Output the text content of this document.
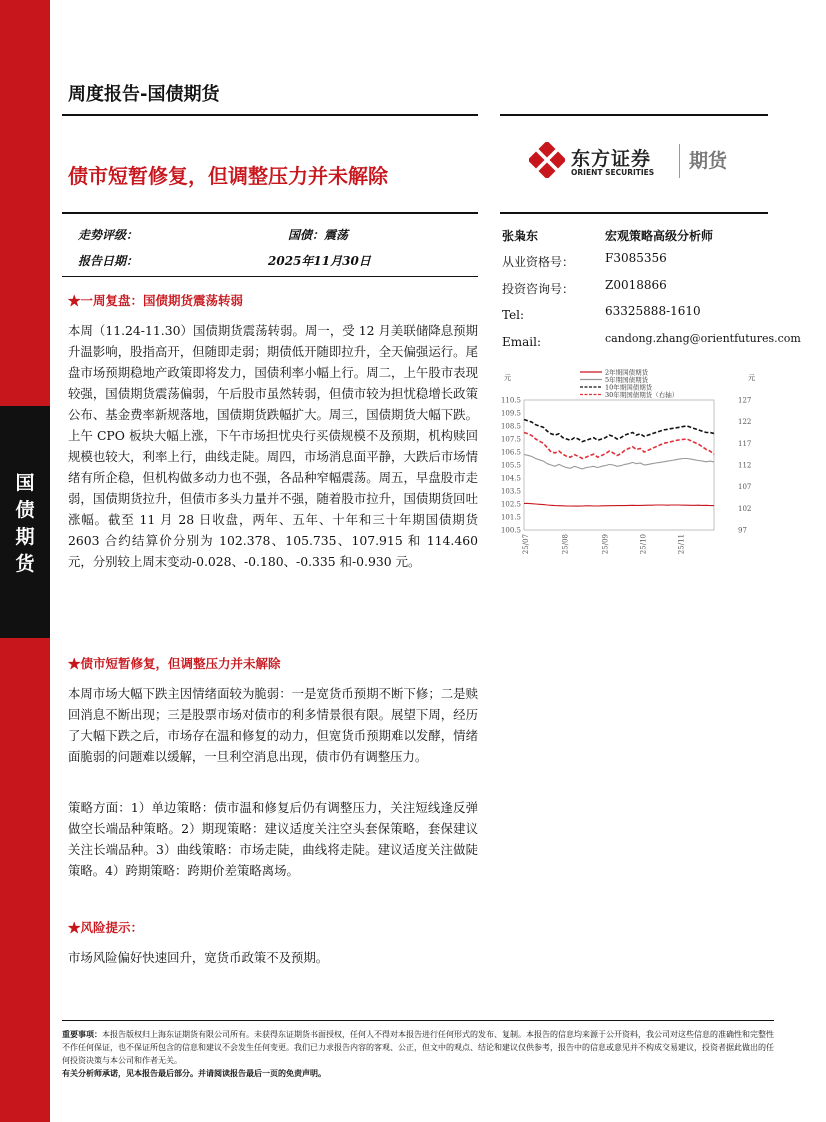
国
债
期
货
周度报告-国债期货
债市短暂修复，但调整压力并未解除
东方证券
ORIENT SECURITIES
期货
走势评级：	国债：震荡
报告日期：	2025年11月30日
张枭东	宏观策略高级分析师
从业资格号：	F3085356
投资咨询号：	Z0018866
Tel:	63325888-1610
Email:	candong.zhang@orientfutures.com
元	元
110.5
109.5
108.5
107.5
106.5
105.5
104.5
103.5
102.5
101.5
100.5
127
122
117
112
107
102
97
25/07	25/08	25/09	25/10	25/11
2年期国债期货
5年期国债期货
10年期国债期货
30年期国债期货（右轴）
★一周复盘：国债期货震荡转弱
本周（11.24-11.30）国债期货震荡转弱。周一，受 12 月美联储降息预期升温影响，股指高开，但随即走弱；期债低开随即拉升，全天偏强运行。尾盘市场预期稳地产政策即将发力，国债利率小幅上行。周二，上午股市表现较强，国债期货震荡偏弱，午后股市虽然转弱，但债市较为担忧稳增长政策公布、基金费率新规落地，国债期货跌幅扩大。周三，国债期货大幅下跌。上午 CPO 板块大幅上涨，下午市场担忧央行买债规模不及预期，机构赎回规模也较大，利率上行，曲线走陡。周四，市场消息面平静，大跌后市场情绪有所企稳，但机构做多动力也不强，各品种窄幅震荡。周五，早盘股市走弱，国债期货拉升，但债市多头力量并不强，随着股市拉升，国债期货回吐涨幅。截至 11 月 28 日收盘，两年、五年、十年和三十年期国债期货 2603 合约结算价分别为 102.378、105.735、107.915 和 114.460 元，分别较上周末变动-0.028、-0.180、-0.335 和-0.930 元。
★债市短暂修复，但调整压力并未解除
本周市场大幅下跌主因情绪面较为脆弱：一是宽货币预期不断下修；二是赎回消息不断出现；三是股票市场对债市的利多情景很有限。展望下周，经历了大幅下跌之后，市场存在温和修复的动力，但宽货币预期难以发酵，情绪面脆弱的问题难以缓解，一旦利空消息出现，债市仍有调整压力。
策略方面：1）单边策略：债市温和修复后仍有调整压力，关注短线逢反弹做空长端品种策略。2）期现策略：建议适度关注空头套保策略，套保建议关注长端品种。3）曲线策略：市场走陡，曲线将走陡。建议适度关注做陡策略。4）跨期策略：跨期价差策略离场。
★风险提示：
市场风险偏好快速回升，宽货币政策不及预期。
重要事项：本报告版权归上海东证期货有限公司所有。未获得东证期货书面授权，任何人不得对本报告进行任何形式的发布、复制。本报告的信息均来源于公开资料，我公司对这些信息的准确性和完整性不作任何保证，也不保证所包含的信息和建议不会发生任何变更。我们已力求报告内容的客观、公正，但文中的观点、结论和建议仅供参考，报告中的信息或意见并不构成交易建议，投资者据此做出的任何投资决策与本公司和作者无关。
有关分析师承诺，见本报告最后部分。并请阅读报告最后一页的免责声明。
